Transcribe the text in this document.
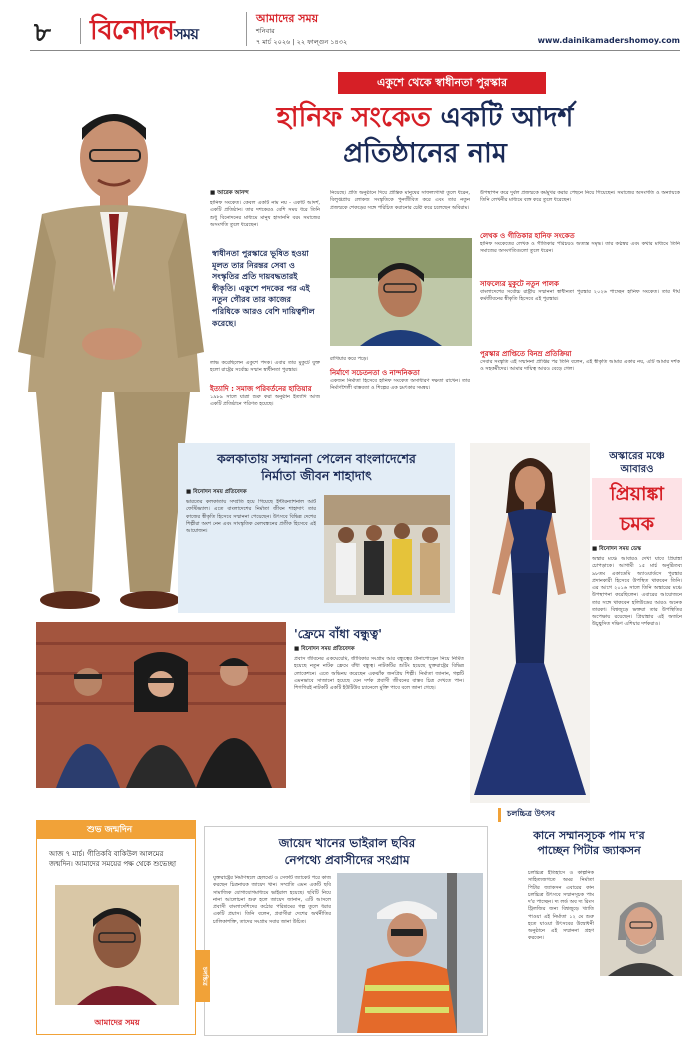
৮ বিনোদনসময়
আমাদের সময়
শনিবার
৭ মার্চ ২০২৬ | ২২ ফাল্গুন ১৪৩২	www.dainikamadershomoy.com
একুশে থেকে স্বাধীনতা পুরস্কার
হানিফ সংকেত একটি আদর্শ
প্রতিষ্ঠানের নাম
■ আরেক আনন্দ
হানিফ সংকেত। কেবল একটি নাম নয় - একটি আদর্শ, একটি প্রতিষ্ঠান। তার দশকেরও বেশি সময় ধরে তিনি শুধু বিনোদনের মাধ্যমে মানুষ হাসাননি বরং সমাজের অসংগতি তুলে ধরেছেন।
স্বাধীনতা পুরস্কারে ভূষিত হওয়া মূলত তার নিরন্তর সেবা ও সংস্কৃতির প্রতি দায়বদ্ধতারই স্বীকৃতি। একুশে পদকের পর এই নতুন গৌরব তার কাজের পরিধিকে আরও বেশি দায়িত্বশীল করেছে।
নিয়েছে। প্রতি অনুষ্ঠানে দিয়ে প্রান্তিক মানুষের সাফল্যগাথা তুলে ধরেন, বিলুপ্তপ্রায় লোকজ সংস্কৃতিকে পুনর্জীবিত করে এবং তার নতুন প্রজন্মকে শেকড়ের সঙ্গে পরিচিত করানোর চেষ্টা করে চলেছেন অবিরাম।
উপস্থাপন করে দুর্বল প্রজন্মকে কর্মমুখর করার পেছনে নিয়ে গিয়েছেন। সমাজের অসংগতি ও অন্যায়কে তিনি লেখনীর মাধ্যমে ব্যঙ্গ করে তুলে ধরেছেন।
লেখক ও গীতিকার হানিফ সংকেত
হানিফ সংকেতের লেখক ও গীতিকার পরিচয়ও অত্যন্ত সমৃদ্ধ। তার কণ্ঠস্বর এবং কথার মাধ্যমে তিনি সমাজের অসংগতিগুলো তুলে ধরেন।
সাফল্যের মুকুটে নতুন পালক
বাংলাদেশের সর্বোচ্চ রাষ্ট্রীয় সম্মাননা স্বাধীনতা পুরস্কার ২০২৬ পাচ্ছেন হানিফ সংকেত। তার দীর্ঘ কর্মজীবনের স্বীকৃতি হিসেবে এই পুরস্কার।
পুরস্কার প্রাপ্তিতে বিনম্র প্রতিক্রিয়া
সেবার সংস্কৃতি এই সম্মাননা প্রাপ্তির পর তিনি বলেন, এই স্বীকৃতি আমার একার নয়, এটি আমার দর্শক ও সহকর্মীদের। আমার দায়িত্ব আরও বেড়ে গেল।
লাভ করেছিলেন একুশে পদক। এবার তার মুকুটে যুক্ত হলো রাষ্ট্রের সর্বোচ্চ সম্মান স্বাধীনতা পুরস্কার।
ইত্যাদি : সমাজ পরিবর্তনের হাতিয়ার
১৯৮৯ সালে যাত্রা শুরু করা অনুষ্ঠান ইত্যাদি আজ একটি প্রতিষ্ঠানে পরিণত হয়েছে।
রাখিয়ার করে পড়ে।
নির্মাণে সচেতনতা ও নান্দনিকতা
একজন নির্মাতা হিসেবে হানিফ সংকেত অসাধারণ দক্ষতা রাখেন। তার নির্মাণশৈলী বাস্তবতা ও শিল্পের এক চমৎকার সমন্বয়।
কলকাতায় সম্মাননা পেলেন বাংলাদেশের
নির্মাতা জীবন শাহাদাৎ
■ বিনোদন সময় প্রতিবেদক
ভারতের কলকাতায় সম্প্রতি হয়ে গিয়েছে ইন্টারন্যাশনাল আর্ট ফেস্টিভ্যাল। এতে বাংলাদেশের নির্মাতা জীবন শাহাদাৎ তার কাজের স্বীকৃতি হিসেবে সম্মাননা পেয়েছেন। উৎসবে বিভিন্ন দেশের শিল্পীরা অংশ নেন এবং সাংস্কৃতিক মেলবন্ধনের প্রতীক হিসেবে এই আয়োজন।
অস্কারের মঞ্চে আবারও
প্রিয়াঙ্কা
চমক
■ বিনোদন সময় ডেস্ক
অস্কার মঞ্চে আবারও দেখা যাবে প্রিয়াঙ্কা চোপড়াকে। আগামী ১৫ মার্চ অনুষ্ঠিতব্য ৯৮তম একাডেমি অ্যাওয়ার্ডসে পুরস্কার প্রদানকারী হিসেবে উপস্থিত থাকবেন তিনি। এর আগে ২০১৬ সালে তিনি অস্কারের মঞ্চে উপস্থাপনা করেছিলেন। এবারের আয়োজনে তার সঙ্গে থাকবেন হলিউডের আরও অনেক তারকা। বিশ্বজুড়ে ভক্তরা তার উপস্থিতির অপেক্ষায় রয়েছেন। প্রিয়াঙ্কার এই অর্জনে উচ্ছ্বসিত দক্ষিণ এশিয়ার দর্শকরাও।
'ফ্রেমে বাঁধা বন্ধুত্ব'
■ বিনোদন সময় প্রতিবেদক
প্রবাস জীবনের একঘেয়েমি, জীবিকার সংগ্রাম আর বন্ধুত্বের টানাপোড়েন নিয়ে নির্মিত হয়েছে নতুন নাটক ফ্রেমে বাঁধা বন্ধুত্ব। নাটকটির শুটিং হয়েছে যুক্তরাষ্ট্রের বিভিন্ন লোকেশনে। এতে অভিনয় করেছেন একঝাঁক জনপ্রিয় শিল্পী। নির্মাতা জানান, গল্পটি এমনভাবে সাজানো হয়েছে যেন দর্শক প্রবাসী জীবনের বাস্তব চিত্র দেখতে পান। শিগগিরই নাটকটি একটি ইউটিউব চ্যানেলে মুক্তি পাবে বলে জানা গেছে।
শুভ জন্মদিন
আজ ৭ মার্চ। গীতিকবি বাকিউল আলমের জন্মদিন। আমাদের সময়ের পক্ষ থেকে শুভেচ্ছা
আমাদের সময়
জায়েদ খানের ভাইরাল ছবির
নেপথ্যে প্রবাসীদের সংগ্রাম
যুক্তরাষ্ট্রের নির্মাণস্থলে হেলমেট ও সেফটি জ্যাকেট পরে কাজ করছেন চিত্রনায়ক জায়েদ খান। সম্প্রতি এমন একটি ছবি সামাজিক যোগাযোগমাধ্যমে ভাইরাল হয়েছে। ছবিটি নিয়ে নানা আলোচনা শুরু হলে জায়েদ জানান, এটি আসলে প্রবাসী বাংলাদেশিদের কঠোর পরিশ্রমের গল্প তুলে ধরার একটি প্রয়াস। তিনি বলেন, প্রবাসীরা দেশের অর্থনীতির চালিকাশক্তি, তাদের সংগ্রাম সবার জানা উচিত।
চলচ্চিত্র
চলচ্চিত্র উৎসব
কানে সম্মানসূচক পাম দ'র
পাচ্ছেন পিটার জ্যাকসন
চলচ্চিত্র ইতিহাসে ও কাল্পনিক সাহিত্যজগতে অমর নির্মাতা পিটার জ্যাকসন এবারের কান চলচ্চিত্র উৎসবে সম্মানসূচক পাম দ'র পাচ্ছেন। দ্য লর্ড অব দ্য রিংস ট্রিলজির জন্য বিশ্বজুড়ে খ্যাতি পাওয়া এই নির্মাতা ১২ মে শুরু হতে যাওয়া উৎসবের উদ্বোধনী অনুষ্ঠানে এই সম্মাননা গ্রহণ করবেন।
